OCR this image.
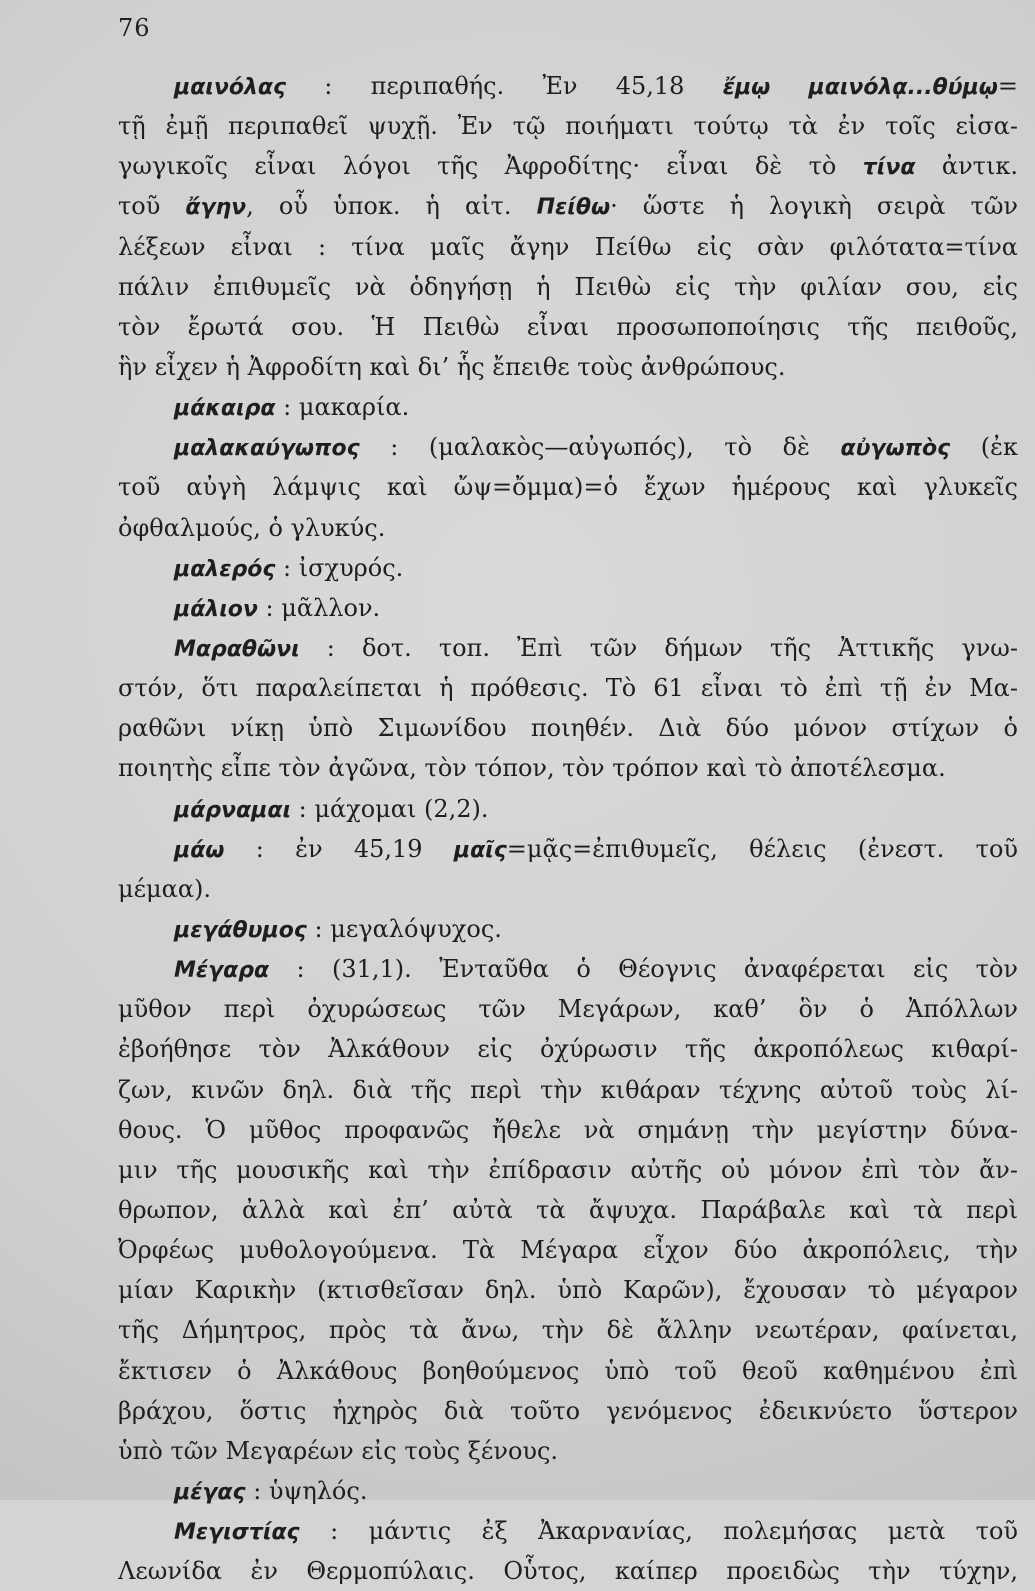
76
μαινόλας : περιπαθής. Ἐν 45,18 ἔμῳ μαινόλᾳ...θύμῳ=
τῇ ἐμῇ περιπαθεῖ ψυχῇ. Ἐν τῷ ποιήματι τούτῳ τὰ ἐν τοῖς εἰσα-
γωγικοῖς εἶναι λόγοι τῆς Ἀφροδίτης· εἶναι δὲ τὸ τίνα ἀντικ.
τοῦ ἄγην, οὗ ὑποκ. ἡ αἰτ. Πείθω· ὥστε ἡ λογικὴ σειρὰ τῶν
λέξεων εἶναι : τίνα μαῖς ἄγην Πείθω εἰς σὰν φιλότατα=τίνα
πάλιν ἐπιθυμεῖς νὰ ὁδηγήσῃ ἡ Πειθὼ εἰς τὴν φιλίαν σου, εἰς
τὸν ἔρωτά σου. Ἡ Πειθὼ εἶναι προσωποποίησις τῆς πειθοῦς,
ἣν εἶχεν ἡ Ἀφροδίτη καὶ δι’ ἧς ἔπειθε τοὺς ἀνθρώπους.
μάκαιρα : μακαρία.
μαλακαύγωπος : (μαλακὸς—αὐγωπός), τὸ δὲ αὐγωπὸς (ἐκ
τοῦ αὐγὴ λάμψις καὶ ὤψ=ὄμμα)=ὁ ἔχων ἡμέρους καὶ γλυκεῖς
ὀφθαλμούς, ὁ γλυκύς.
μαλερός : ἰσχυρός.
μάλιον : μᾶλλον.
Μαραθῶνι : δοτ. τοπ. Ἐπὶ τῶν δήμων τῆς Ἀττικῆς γνω-
στόν, ὅτι παραλείπεται ἡ πρόθεσις. Τὸ 61 εἶναι τὸ ἐπὶ τῇ ἐν Μα-
ραθῶνι νίκῃ ὑπὸ Σιμωνίδου ποιηθέν. Διὰ δύο μόνον στίχων ὁ
ποιητὴς εἶπε τὸν ἀγῶνα, τὸν τόπον, τὸν τρόπον καὶ τὸ ἀποτέλεσμα.
μάρναμαι : μάχομαι (2,2).
μάω : ἐν 45,19 μαῖς=μᾷς=ἐπιθυμεῖς, θέλεις (ἐνεστ. τοῦ
μέμαα).
μεγάθυμος : μεγαλόψυχος.
Μέγαρα : (31,1). Ἐνταῦθα ὁ Θέογνις ἀναφέρεται εἰς τὸν
μῦθον περὶ ὀχυρώσεως τῶν Μεγάρων, καθ’ ὃν ὁ Ἀπόλλων
ἐβοήθησε τὸν Ἀλκάθουν εἰς ὀχύρωσιν τῆς ἀκροπόλεως κιθαρί-
ζων, κινῶν δηλ. διὰ τῆς περὶ τὴν κιθάραν τέχνης αὐτοῦ τοὺς λί-
θους. Ὁ μῦθος προφανῶς ἤθελε νὰ σημάνῃ τὴν μεγίστην δύνα-
μιν τῆς μουσικῆς καὶ τὴν ἐπίδρασιν αὐτῆς οὐ μόνον ἐπὶ τὸν ἄν-
θρωπον, ἀλλὰ καὶ ἐπ’ αὐτὰ τὰ ἄψυχα. Παράβαλε καὶ τὰ περὶ
Ὀρφέως μυθολογούμενα. Τὰ Μέγαρα εἶχον δύο ἀκροπόλεις, τὴν
μίαν Καρικὴν (κτισθεῖσαν δηλ. ὑπὸ Καρῶν), ἔχουσαν τὸ μέγαρον
τῆς Δήμητρος, πρὸς τὰ ἄνω, τὴν δὲ ἄλλην νεωτέραν, φαίνεται,
ἔκτισεν ὁ Ἀλκάθους βοηθούμενος ὑπὸ τοῦ θεοῦ καθημένου ἐπὶ
βράχου, ὅστις ἠχηρὸς διὰ τοῦτο γενόμενος ἐδεικνύετο ὕστερον
ὑπὸ τῶν Μεγαρέων εἰς τοὺς ξένους.
μέγας : ὑψηλός.
Μεγιστίας : μάντις ἐξ Ἀκαρνανίας, πολεμήσας μετὰ τοῦ
Λεωνίδα ἐν Θερμοπύλαις. Οὗτος, καίπερ προειδὼς τὴν τύχην,
